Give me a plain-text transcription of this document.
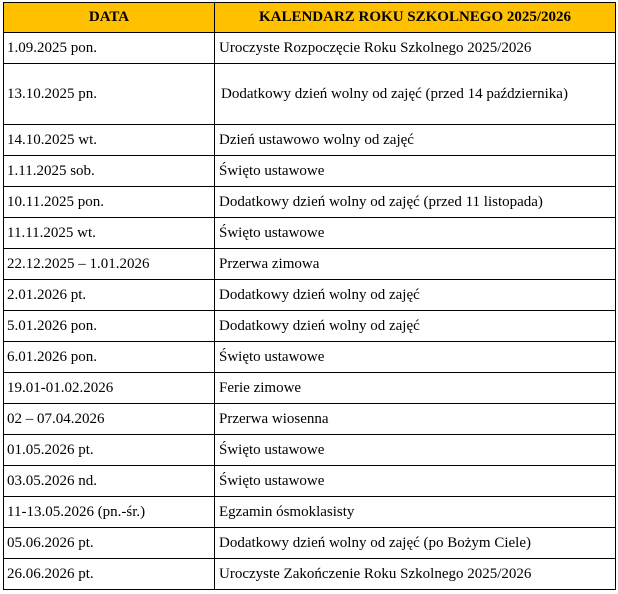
DATA	KALENDARZ ROKU SZKOLNEGO 2025/2026
1.09.2025 pon.	Uroczyste Rozpoczęcie Roku Szkolnego 2025/2026
13.10.2025 pn.	Dodatkowy dzień wolny od zajęć (przed 14 października)

14.10.2025 wt.	Dzień ustawowo wolny od zajęć
1.11.2025 sob.	Święto ustawowe
10.11.2025 pon.	Dodatkowy dzień wolny od zajęć (przed 11 listopada)
11.11.2025 wt.	Święto ustawowe
22.12.2025 – 1.01.2026	Przerwa zimowa
2.01.2026 pt.	Dodatkowy dzień wolny od zajęć
5.01.2026 pon.	Dodatkowy dzień wolny od zajęć
6.01.2026 pon.	Święto ustawowe
19.01-01.02.2026	Ferie zimowe
02 – 07.04.2026	Przerwa wiosenna
01.05.2026 pt.	Święto ustawowe
03.05.2026 nd.	Święto ustawowe
11-13.05.2026 (pn.-śr.)	Egzamin ósmoklasisty
05.06.2026 pt.	Dodatkowy dzień wolny od zajęć (po Bożym Ciele)
26.06.2026 pt.	Uroczyste Zakończenie Roku Szkolnego 2025/2026
